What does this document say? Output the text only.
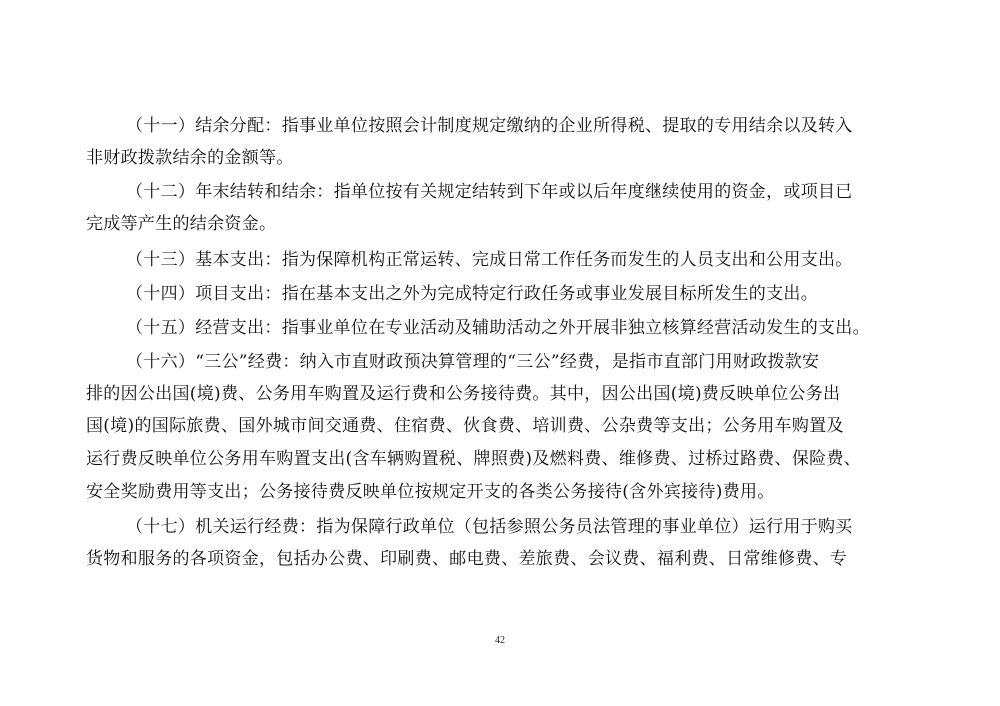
（十一）结余分配：指事业单位按照会计制度规定缴纳的企业所得税、提取的专用结余以及转入
非财政拨款结余的金额等。
（十二）年末结转和结余：指单位按有关规定结转到下年或以后年度继续使用的资金，或项目已
完成等产生的结余资金。
（十三）基本支出：指为保障机构正常运转、完成日常工作任务而发生的人员支出和公用支出。
（十四）项目支出：指在基本支出之外为完成特定行政任务或事业发展目标所发生的支出。
（十五）经营支出：指事业单位在专业活动及辅助活动之外开展非独立核算经营活动发生的支出。
（十六）“三公”经费：纳入市直财政预决算管理的“三公”经费，是指市直部门用财政拨款安
排的因公出国(境)费、公务用车购置及运行费和公务接待费。其中，因公出国(境)费反映单位公务出
国(境)的国际旅费、国外城市间交通费、住宿费、伙食费、培训费、公杂费等支出；公务用车购置及
运行费反映单位公务用车购置支出(含车辆购置税、牌照费)及燃料费、维修费、过桥过路费、保险费、
安全奖励费用等支出；公务接待费反映单位按规定开支的各类公务接待(含外宾接待)费用。
（十七）机关运行经费：指为保障行政单位（包括参照公务员法管理的事业单位）运行用于购买
货物和服务的各项资金，包括办公费、印刷费、邮电费、差旅费、会议费、福利费、日常维修费、专
42
